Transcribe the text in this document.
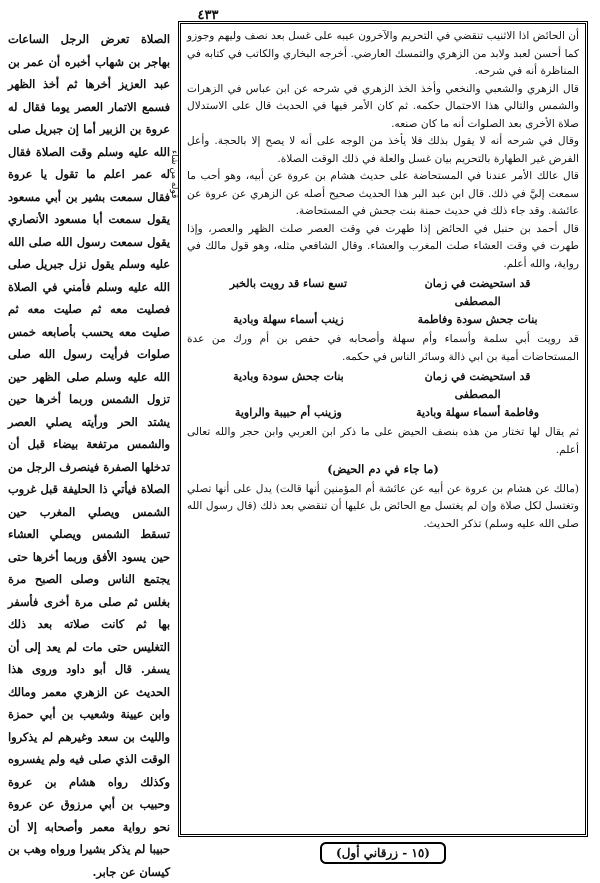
٤٣٣

أن الحائض اذا الاثنيب تنقضي في التحريم والآخرون عيبه على غسل بعد نصف وليهم وجوزو كما أحسن لعبد ولابد من الزهري والتمسك العارضي. أخرجه البخاري والكاتب في كتابه في المناظرة أنه في شرحه.

قال الزهري والشعبي والنخعي وأخذ الخذ الزهري في شرحه عن ابن عباس في الزهرات والشمس والتالي هذا الاحتمال حكمه. ثم كان الأمر فيها في الحديث قال على الاستدلال صلاة الأخرى بعد الصلوات أنه ما كان صنعه.

وقال في شرحه أنه لا يقول بذلك فلا يأخذ من الوجه على أنه لا يصح إلا بالحجة. وأعل الفرض غير الطهارة بالتحريم بيان غسل والعلة في ذلك الوقت الصلاة.

قال عالك الأمر عندنا في المستحاضة على حديث هشام بن عروة عن أبيه، وهو أحب ما سمعت إليَّ في ذلك. قال ابن عبد البر هذا الحديث صحيح أصله عن الزهري عن عروة عن عائشة. وقد جاء ذلك في حديث حمنة بنت جحش في المستحاضة.

قال أحمد بن حنبل في الحائض إذا طهرت في وقت العصر صلت الظهر والعصر، وإذا طهرت في وقت العشاء صلت المغرب والعشاء. وقال الشافعي مثله، وهو قول مالك في رواية، والله أعلم.

قد استحيضت في زمان المصطفى
تسع نساء قد رويت بالخبر
بنات جحش سودة وفاطمة
زينب أسماء سهلة وبادية

قد رويت أبي سلمة وأسماء وأم سهلة وأصحابه في حفص بن أم ورك من عدة المستحاضات أمية بن ابي ذالة وسائر الناس في حكمه.

قد استحيضت في زمان المصطفى
بنات جحش سودة وبادية
وفاطمة أسماء سهلة وبادية
وزينب أم حبيبة والراوية

ثم يقال لها تختار من هذه بنصف الحيض على ما ذكر ابن العربي وابن حجر والله تعالى أعلم.

(ما جاء في دم الحيض)

(مالك عن هشام بن عروة عن أبيه عن عائشة أم المؤمنين أنها قالت) يدل على أنها تصلي وتغتسل لكل صلاة وإن لم يغتسل مع الحائض بل عليها أن تنقضي بعد ذلك (قال رسول الله صلى الله عليه وسلم) تذكر الحديث.

قوله من شاء

الصلاة تعرض الرجل الساعات بهاجر بن شهاب أخبره أن عمر بن عبد العزيز أخرها ثم أخذ الظهر فسمع الاتمار العصر يوما فقال له عروة بن الزبير أما إن جبريل صلى الله عليه وسلم وقت الصلاة فقال له عمر اعلم ما تقول يا عروة فقال سمعت بشير بن أبي مسعود يقول سمعت أبا مسعود الأنصاري يقول سمعت رسول الله صلى الله عليه وسلم يقول نزل جبريل صلى الله عليه وسلم فأمني في الصلاة فصليت معه ثم صليت معه ثم صليت معه يحسب بأصابعه خمس صلوات فرأيت رسول الله صلى الله عليه وسلم صلى الظهر حين تزول الشمس وربما أخرها حين يشتد الحر ورأيته يصلي العصر والشمس مرتفعة بيضاء قبل أن تدخلها الصفرة فينصرف الرجل من الصلاة فيأتي ذا الحليفة قبل غروب الشمس ويصلي المغرب حين تسقط الشمس ويصلي العشاء حين يسود الأفق وربما أخرها حتى يجتمع الناس وصلى الصبح مرة بغلس ثم صلى مرة أخرى فأسفر بها ثم كانت صلاته بعد ذلك التغليس حتى مات لم يعد إلى أن يسفر. قال أبو داود وروى هذا الحديث عن الزهري معمر ومالك وابن عيينة وشعيب بن أبي حمزة والليث بن سعد وغيرهم لم يذكروا الوقت الذي صلى فيه ولم يفسروه وكذلك رواه هشام بن عروة وحبيب بن أبي مرزوق عن عروة نحو رواية معمر وأصحابه إلا أن حبيبا لم يذكر بشيرا ورواه وهب بن كيسان عن جابر.

(١٥ - زرقاني أول)
